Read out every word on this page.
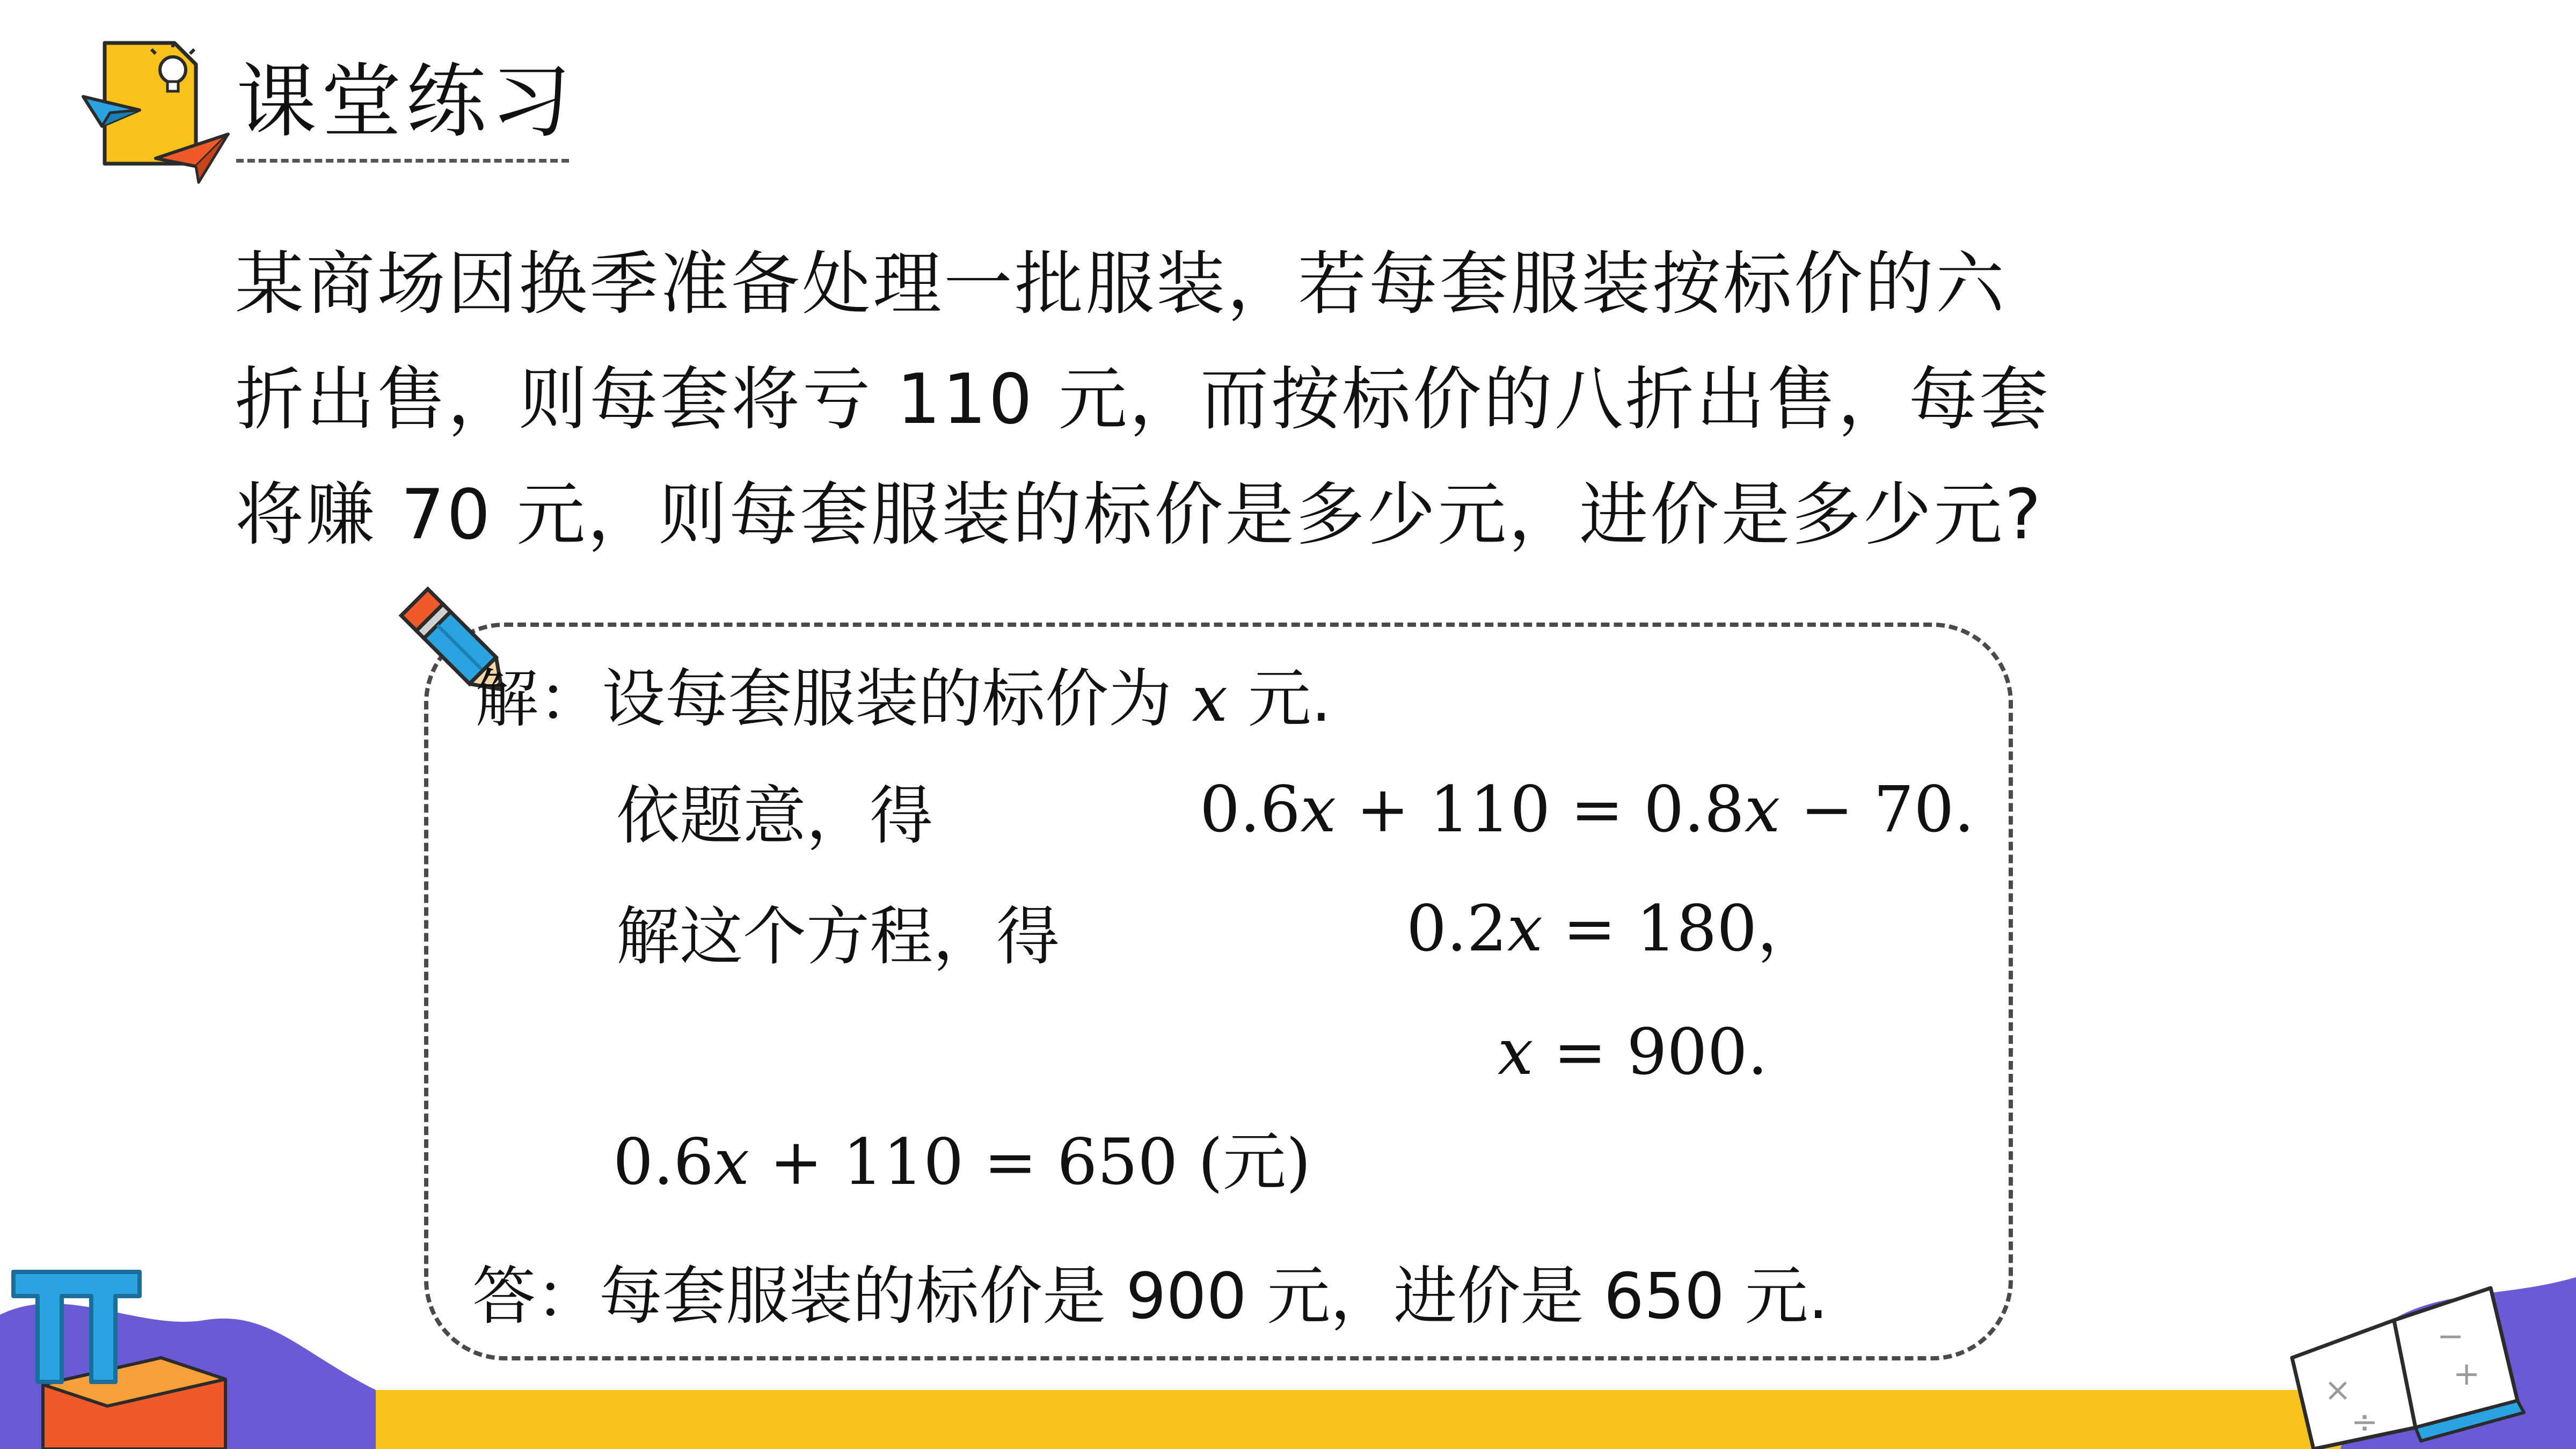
课堂练习
某商场因换季准备处理一批服装，若每套服装按标价的六
折出售，则每套将亏 110 元，而按标价的八折出售，每套
将赚 70 元，则每套服装的标价是多少元，进价是多少元?
解：设每套服装的标价为 x 元.
依题意，得	0.6x + 110 = 0.8x − 70.
解这个方程，得	0.2x = 180，
x = 900.
0.6x + 110 = 650 (元)
答：每套服装的标价是 900 元，进价是 650 元.
×
÷
−
+
